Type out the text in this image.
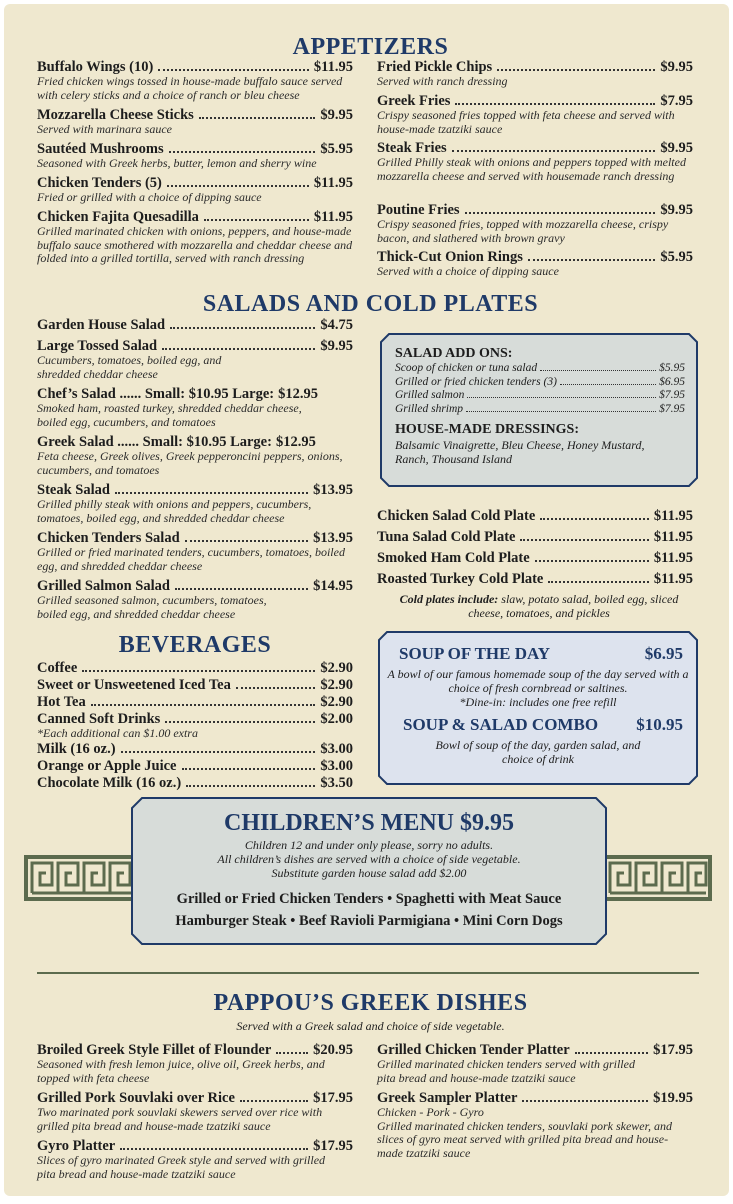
APPETIZERS
Buffalo Wings (10)	$11.95
Fried chicken wings tossed in house-made buffalo sauce served with celery sticks and a choice of ranch or bleu cheese
Mozzarella Cheese Sticks	$9.95
Served with marinara sauce
Sautéed Mushrooms	$5.95
Seasoned with Greek herbs, butter, lemon and sherry wine
Chicken Tenders (5)	$11.95
Fried or grilled with a choice of dipping sauce
Chicken Fajita Quesadilla	$11.95
Grilled marinated chicken with onions, peppers, and house-made buffalo sauce smothered with mozzarella and cheddar cheese and folded into a grilled tortilla, served with ranch dressing
Fried Pickle Chips	$9.95
Served with ranch dressing
Greek Fries	$7.95
Crispy seasoned fries topped with feta cheese and served with house-made tzatziki sauce
Steak Fries	$9.95
Grilled Philly steak with onions and peppers topped with melted mozzarella cheese and served with housemade ranch dressing
Poutine Fries	$9.95
Crispy seasoned fries, topped with mozzarella cheese, crispy bacon, and slathered with brown gravy
Thick-Cut Onion Rings	$5.95
Served with a choice of dipping sauce
SALADS AND COLD PLATES
Garden House Salad	$4.75
Large Tossed Salad	$9.95
Cucumbers, tomatoes, boiled egg, and shredded cheddar cheese
Chef’s Salad ...... Small: $10.95 Large: $12.95
Smoked ham, roasted turkey, shredded cheddar cheese, boiled egg, cucumbers, and tomatoes
Greek Salad ...... Small: $10.95 Large: $12.95
Feta cheese, Greek olives, Greek pepperoncini peppers, onions, cucumbers, and tomatoes
Steak Salad	$13.95
Grilled philly steak with onions and peppers, cucumbers, tomatoes, boiled egg, and shredded cheddar cheese
Chicken Tenders Salad	$13.95
Grilled or fried marinated tenders, cucumbers, tomatoes, boiled egg, and shredded cheddar cheese
Grilled Salmon Salad	$14.95
Grilled seasoned salmon, cucumbers, tomatoes, boiled egg, and shredded cheddar cheese
SALAD ADD ONS:
Scoop of chicken or tuna salad	$5.95
Grilled or fried chicken tenders (3)	$6.95
Grilled salmon	$7.95
Grilled shrimp	$7.95
HOUSE-MADE DRESSINGS:
Balsamic Vinaigrette, Bleu Cheese, Honey Mustard, Ranch, Thousand Island
Chicken Salad Cold Plate	$11.95
Tuna Salad Cold Plate	$11.95
Smoked Ham Cold Plate	$11.95
Roasted Turkey Cold Plate	$11.95
Cold plates include: slaw, potato salad, boiled egg, sliced cheese, tomatoes, and pickles
BEVERAGES
Coffee	$2.90
Sweet or Unsweetened Iced Tea	$2.90
Hot Tea	$2.90
Canned Soft Drinks	$2.00
*Each additional can $1.00 extra
Milk (16 oz.)	$3.00
Orange or Apple Juice	$3.00
Chocolate Milk (16 oz.)	$3.50
SOUP OF THE DAY	$6.95
A bowl of our famous homemade soup of the day served with a choice of fresh cornbread or saltines.
*Dine-in: includes one free refill
SOUP & SALAD COMBO $10.95
Bowl of soup of the day, garden salad, and choice of drink
CHILDREN’S MENU $9.95
Children 12 and under only please, sorry no adults.
All children’s dishes are served with a choice of side vegetable.
Substitute garden house salad add $2.00
Grilled or Fried Chicken Tenders • Spaghetti with Meat Sauce
Hamburger Steak • Beef Ravioli Parmigiana • Mini Corn Dogs
PAPPOU’S GREEK DISHES
Served with a Greek salad and choice of side vegetable.
Broiled Greek Style Fillet of Flounder	$20.95
Seasoned with fresh lemon juice, olive oil, Greek herbs, and topped with feta cheese
Grilled Pork Souvlaki over Rice	$17.95
Two marinated pork souvlaki skewers served over rice with grilled pita bread and house-made tzatziki sauce
Gyro Platter	$17.95
Slices of gyro marinated Greek style and served with grilled pita bread and house-made tzatziki sauce
Grilled Chicken Tender Platter	$17.95
Grilled marinated chicken tenders served with grilled pita bread and house-made tzatziki sauce
Greek Sampler Platter	$19.95
Chicken - Pork - Gyro
Grilled marinated chicken tenders, souvlaki pork skewer, and slices of gyro meat served with grilled pita bread and house-made tzatziki sauce
